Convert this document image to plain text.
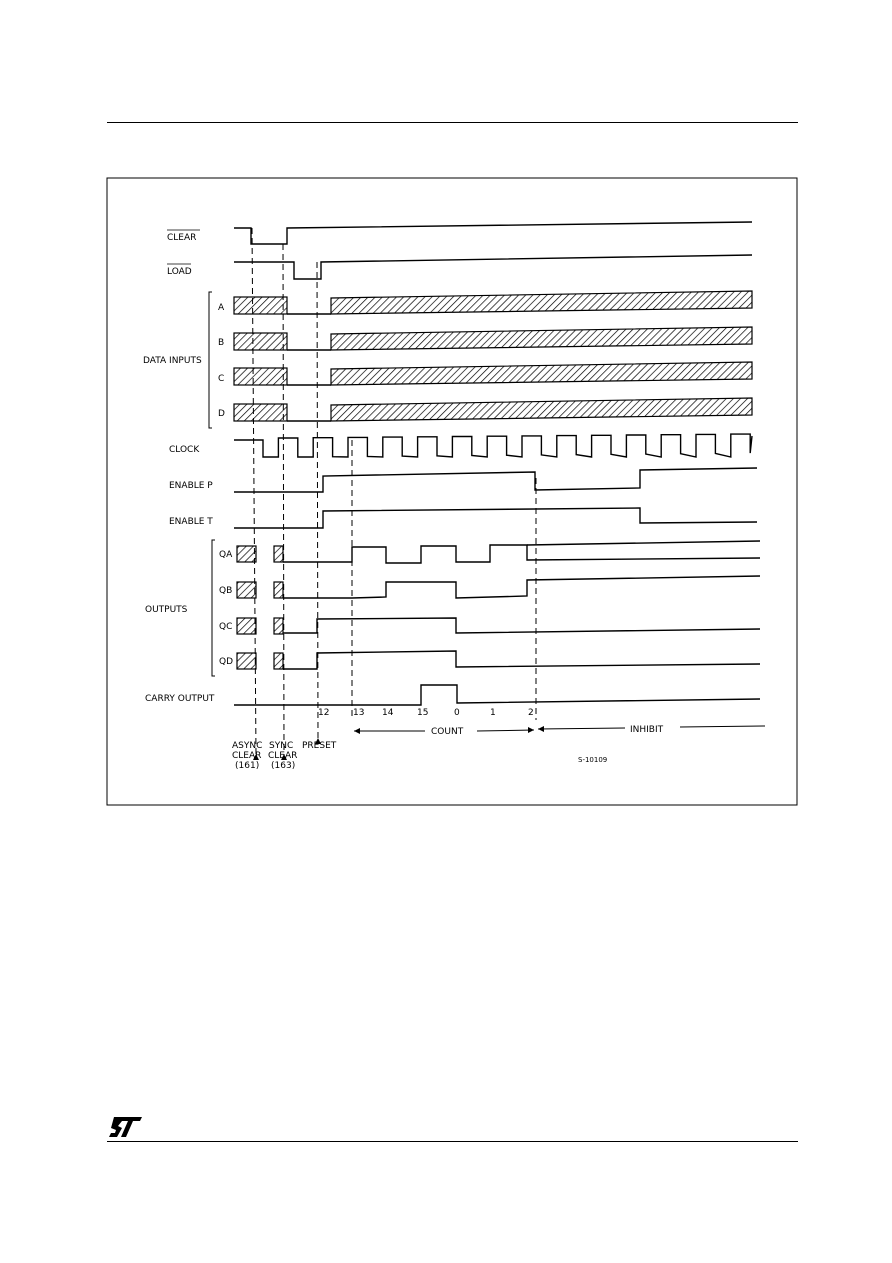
CLEAR
LOAD
DATA INPUTS
A
B
C
D
CLOCK
ENABLE P
ENABLE T
OUTPUTS
QA
QB
QC
QD
CARRY OUTPUT
12	13 14	15	0	1	2
ASYNC
CLEAR
(161)
SYNC
CLEAR
(163)
PRESET
COUNT	INHIBIT
S-10109
